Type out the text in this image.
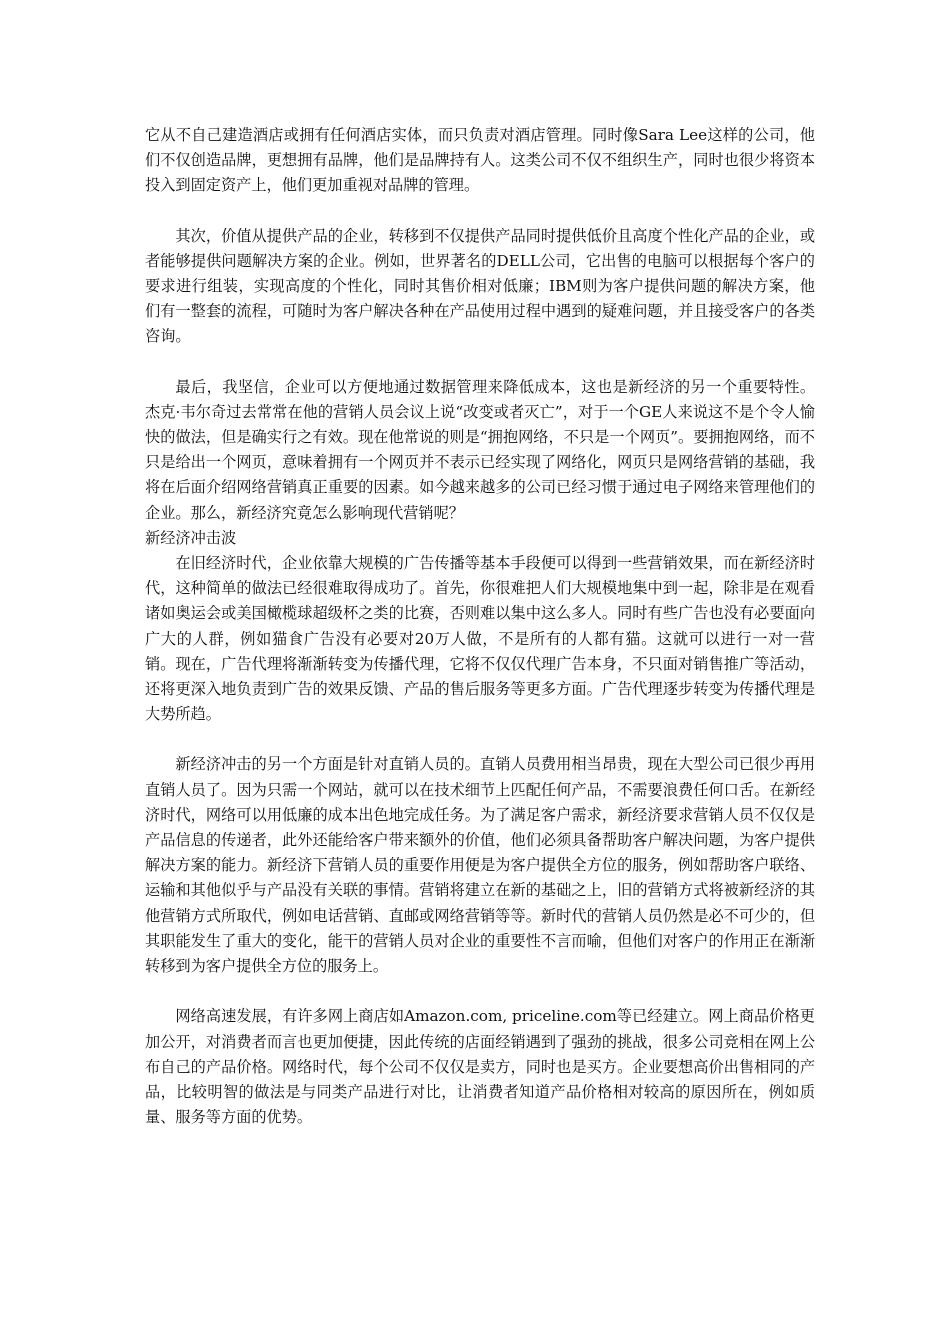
它从不自己建造酒店或拥有任何酒店实体，而只负责对酒店管理。同时像Sara Lee这样的公司，他们不仅创造品牌，更想拥有品牌，他们是品牌持有人。这类公司不仅不组织生产，同时也很少将资本投入到固定资产上，他们更加重视对品牌的管理。

其次，价值从提供产品的企业，转移到不仅提供产品同时提供低价且高度个性化产品的企业，或者能够提供问题解决方案的企业。例如，世界著名的DELL公司，它出售的电脑可以根据每个客户的要求进行组装，实现高度的个性化，同时其售价相对低廉；IBM则为客户提供问题的解决方案，他们有一整套的流程，可随时为客户解决各种在产品使用过程中遇到的疑难问题，并且接受客户的各类咨询。

最后，我坚信，企业可以方便地通过数据管理来降低成本，这也是新经济的另一个重要特性。 杰克·韦尔奇过去常常在他的营销人员会议上说“改变或者灭亡”，对于一个GE人来说这不是个令人愉快的做法，但是确实行之有效。现在他常说的则是“拥抱网络，不只是一个网页”。要拥抱网络，而不只是给出一个网页，意味着拥有一个网页并不表示已经实现了网络化，网页只是网络营销的基础，我将在后面介绍网络营销真正重要的因素。如今越来越多的公司已经习惯于通过电子网络来管理他们的企业。那么，新经济究竟怎么影响现代营销呢？

新经济冲击波

在旧经济时代，企业依靠大规模的广告传播等基本手段便可以得到一些营销效果，而在新经济时代，这种简单的做法已经很难取得成功了。首先，你很难把人们大规模地集中到一起，除非是在观看诸如奥运会或美国橄榄球超级杯之类的比赛，否则难以集中这么多人。同时有些广告也没有必要面向广大的人群，例如猫食广告没有必要对20万人做，不是所有的人都有猫。这就可以进行一对一营销。现在，广告代理将渐渐转变为传播代理，它将不仅仅代理广告本身，不只面对销售推广等活动，还将更深入地负责到广告的效果反馈、产品的售后服务等更多方面。广告代理逐步转变为传播代理是大势所趋。

新经济冲击的另一个方面是针对直销人员的。直销人员费用相当昂贵，现在大型公司已很少再用直销人员了。因为只需一个网站，就可以在技术细节上匹配任何产品，不需要浪费任何口舌。在新经济时代，网络可以用低廉的成本出色地完成任务。为了满足客户需求，新经济要求营销人员不仅仅是产品信息的传递者，此外还能给客户带来额外的价值，他们必须具备帮助客户解决问题，为客户提供解决方案的能力。新经济下营销人员的重要作用便是为客户提供全方位的服务，例如帮助客户联络、运输和其他似乎与产品没有关联的事情。营销将建立在新的基础之上，旧的营销方式将被新经济的其他营销方式所取代，例如电话营销、直邮或网络营销等等。新时代的营销人员仍然是必不可少的，但其职能发生了重大的变化，能干的营销人员对企业的重要性不言而喻，但他们对客户的作用正在渐渐转移到为客户提供全方位的服务上。

网络高速发展，有许多网上商店如Amazon.com, priceline.com等已经建立。网上商品价格更加公开，对消费者而言也更加便捷，因此传统的店面经销遇到了强劲的挑战，很多公司竞相在网上公布自己的产品价格。网络时代，每个公司不仅仅是卖方，同时也是买方。企业要想高价出售相同的产品，比较明智的做法是与同类产品进行对比，让消费者知道产品价格相对较高的原因所在，例如质量、服务等方面的优势。
